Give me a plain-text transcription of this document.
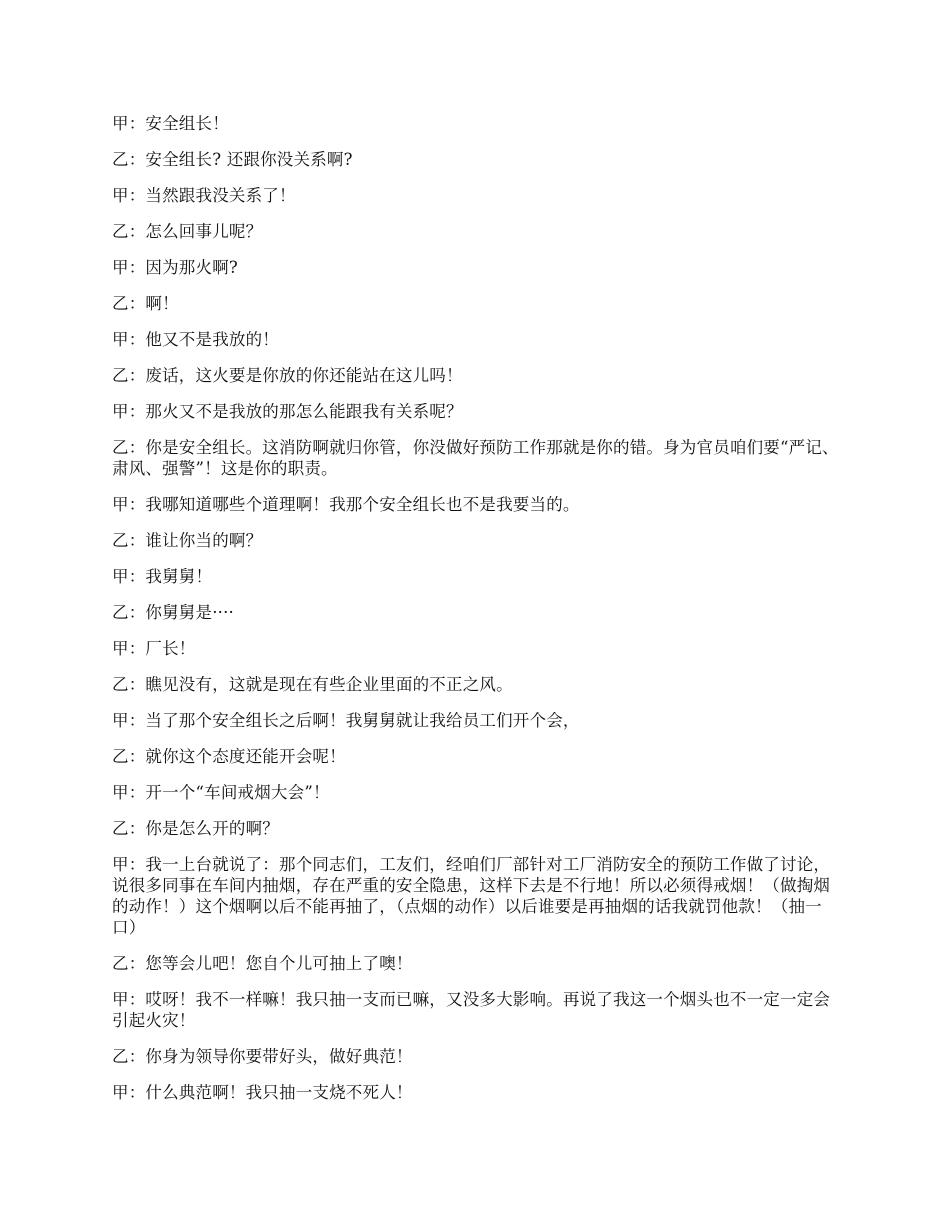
甲：安全组长！

乙：安全组长? 还跟你没关系啊?

甲：当然跟我没关系了！

乙：怎么回事儿呢？

甲：因为那火啊?

乙：啊！

甲：他又不是我放的！

乙：废话，这火要是你放的你还能站在这儿吗！

甲：那火又不是我放的那怎么能跟我有关系呢？

乙：你是安全组长。这消防啊就归你管，你没做好预防工作那就是你的错。身为官员咱们要“严记、肃风、强警”！这是你的职责。

甲：我哪知道哪些个道理啊！我那个安全组长也不是我要当的。

乙：谁让你当的啊？

甲：我舅舅！

乙：你舅舅是····

甲：厂长！

乙：瞧见没有，这就是现在有些企业里面的不正之风。

甲：当了那个安全组长之后啊！我舅舅就让我给员工们开个会，

乙：就你这个态度还能开会呢！

甲：开一个“车间戒烟大会”！

乙：你是怎么开的啊？

甲：我一上台就说了：那个同志们，工友们，经咱们厂部针对工厂消防安全的预防工作做了讨论，说很多同事在车间内抽烟，存在严重的安全隐患，这样下去是不行地！所以必须得戒烟！（做掏烟的动作！）这个烟啊以后不能再抽了，（点烟的动作）以后谁要是再抽烟的话我就罚他款！（抽一口）

乙：您等会儿吧！您自个儿可抽上了噢！

甲：哎呀！我不一样嘛！我只抽一支而已嘛，又没多大影响。再说了我这一个烟头也不一定一定会引起火灾！

乙：你身为领导你要带好头，做好典范！

甲：什么典范啊！我只抽一支烧不死人！
